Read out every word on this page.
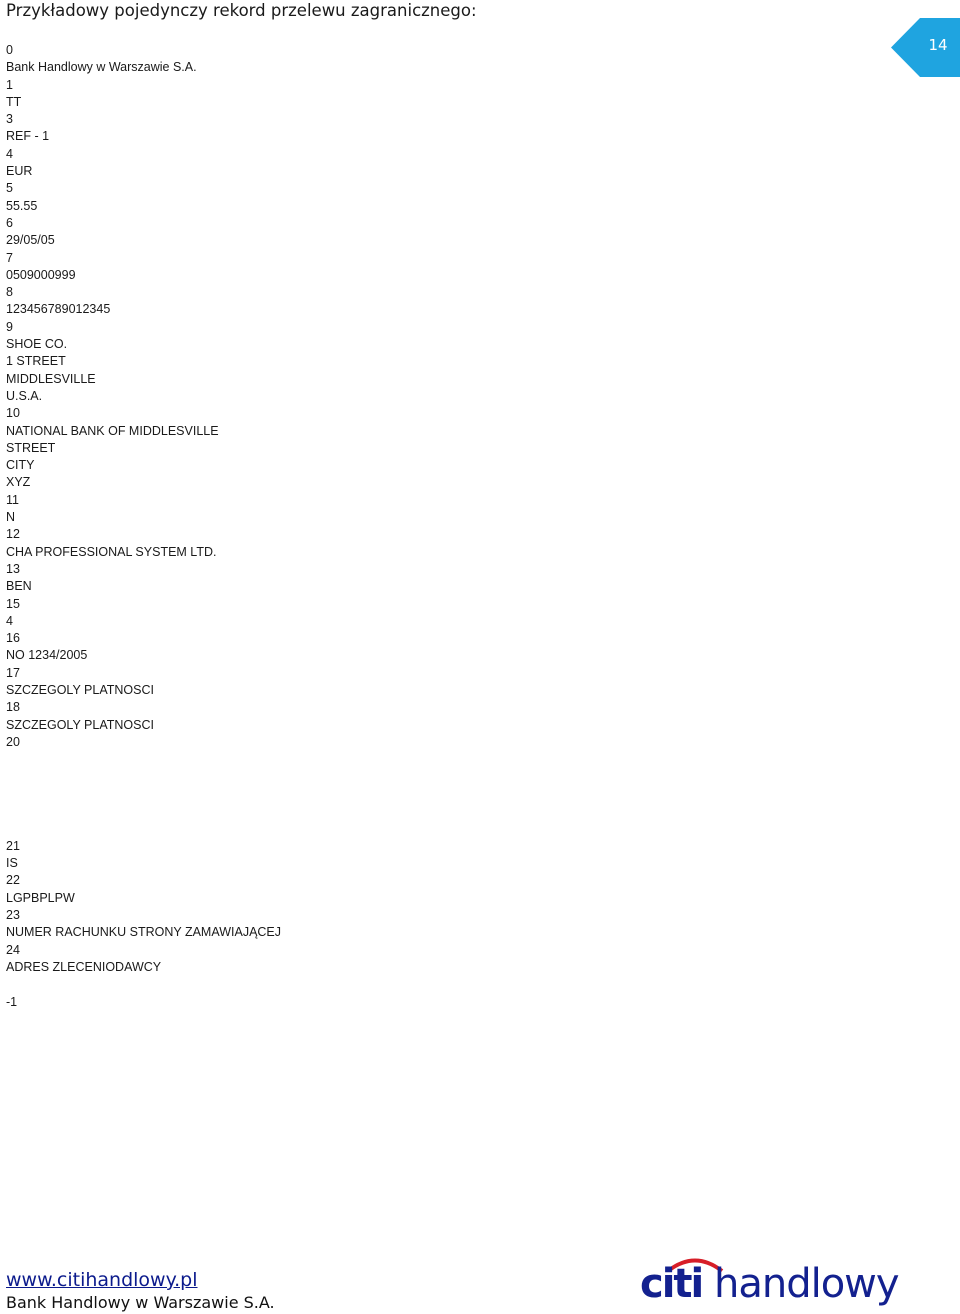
Przykładowy pojedynczy rekord przelewu zagranicznego:
14
0
Bank Handlowy w Warszawie S.A.
1
TT
3
REF - 1
4
EUR
5
55.55
6
29/05/05
7
0509000999
8
123456789012345
9
SHOE CO.
1 STREET
MIDDLESVILLE
U.S.A.
10
NATIONAL BANK OF MIDDLESVILLE
STREET
CITY
XYZ
11
N
12
CHA PROFESSIONAL SYSTEM LTD.
13
BEN
15
4
16
NO 1234/2005
17
SZCZEGOLY PLATNOSCI
18
SZCZEGOLY PLATNOSCI
20
21
IS
22
LGPBPLPW
23
NUMER RACHUNKU STRONY ZAMAWIAJĄCEJ
24
ADRES ZLECENIODAWCY
-1
www.citihandlowy.pl
Bank Handlowy w Warszawie S.A.	citi handlowy
